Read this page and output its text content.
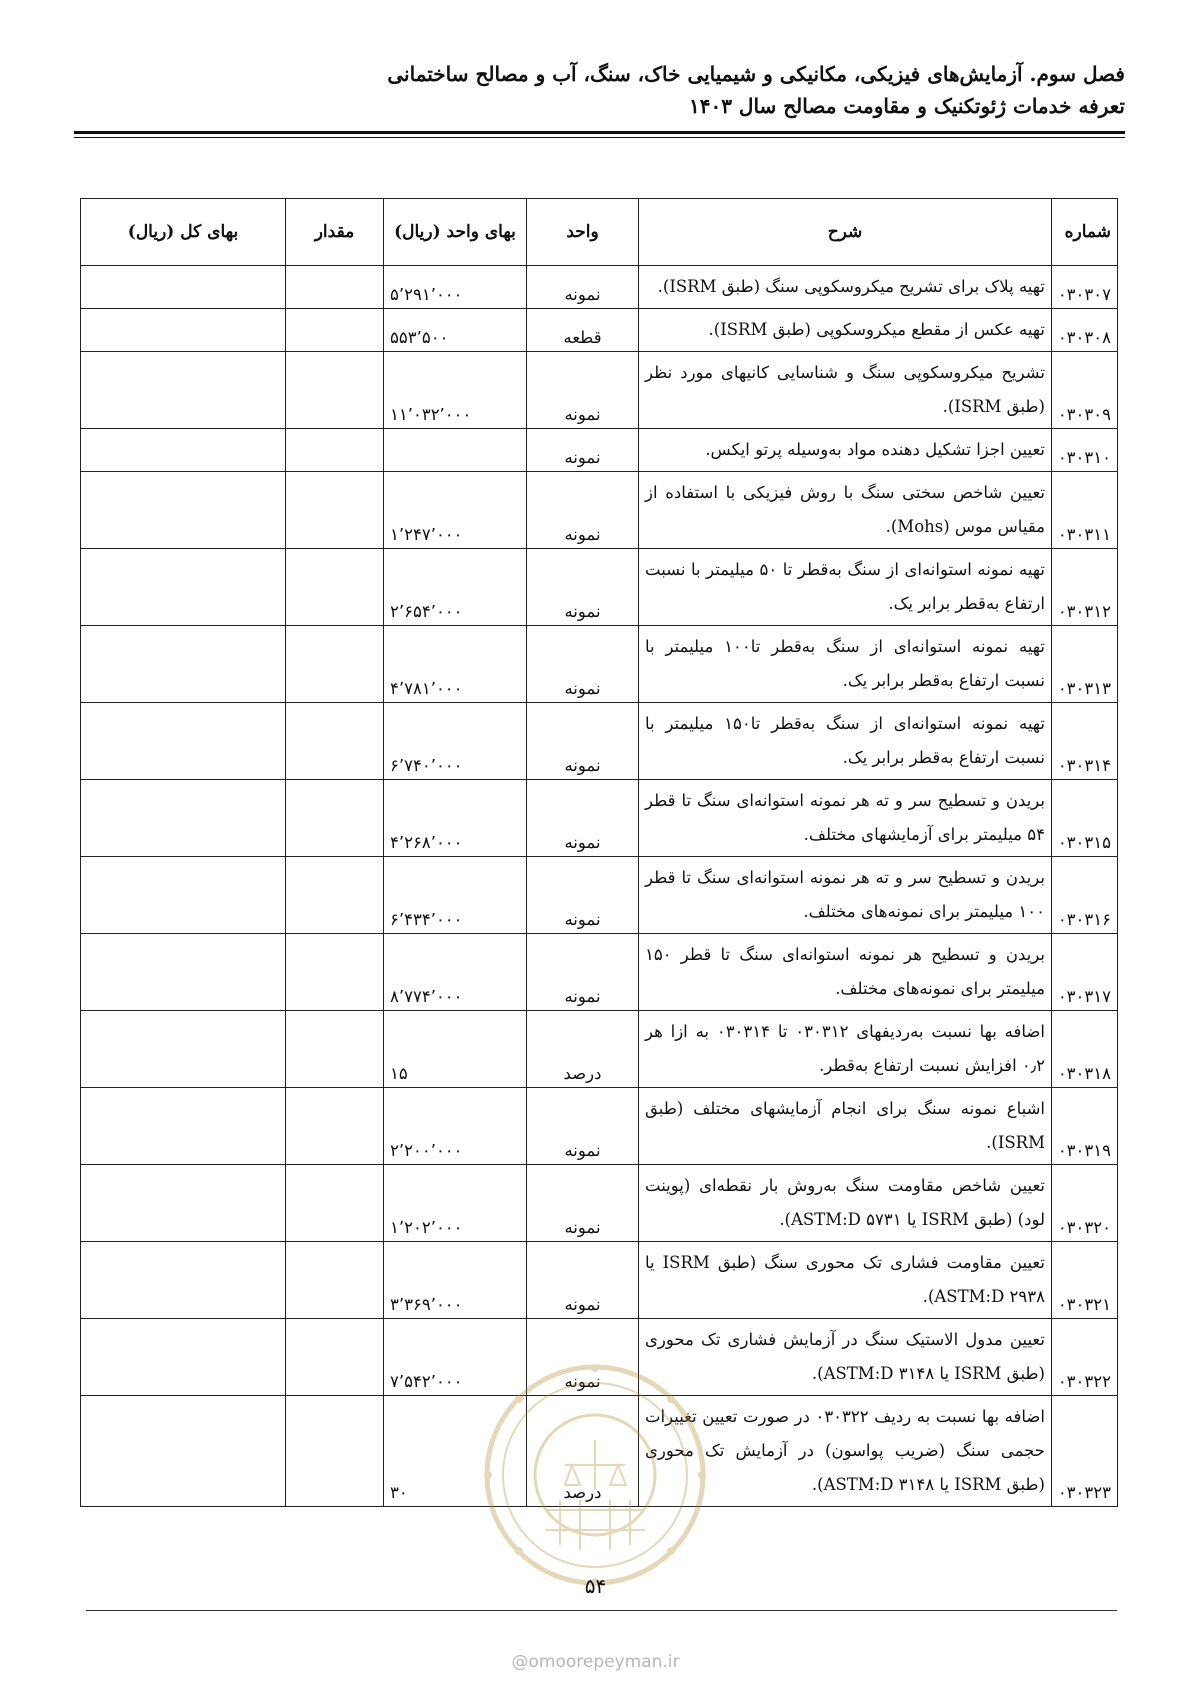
فصل سوم. آزمایش‌های فیزیکی، مکانیکی و شیمیایی خاک، سنگ، آب و مصالح ساختمانی
تعرفه خدمات ژئوتکنیک و مقاومت مصالح سال ۱۴۰۳
شماره	شرح	واحد	بهای واحد (ریال)	مقدار	بهای کل (ریال)
۰۳۰۳۰۷	تهیه پلاک برای تشریح میکروسکوپی سنگ (طبق ISRM).	نمونه	۵٬۲۹۱٬۰۰۰		
۰۳۰۳۰۸	تهیه عکس از مقطع میکروسکوپی (طبق ISRM).	قطعه	۵۵۳٬۵۰۰		
۰۳۰۳۰۹	تشریح میکروسکوپی سنگ و شناسایی کانیهای مورد نظر (طبق ISRM).	نمونه	۱۱٬۰۳۲٬۰۰۰		
۰۳۰۳۱۰	تعیین اجزا تشکیل دهنده مواد به‌وسیله پرتو ایکس.	نمونه			
۰۳۰۳۱۱	تعیین شاخص سختی سنگ با روش فیزیکی با استفاده از مقیاس موس (Mohs).	نمونه	۱٬۲۴۷٬۰۰۰		
۰۳۰۳۱۲	تهیه نمونه استوانه‌ای از سنگ به‌قطر تا ۵۰ میلیمتر با نسبت ارتفاع به‌قطر برابر یک.	نمونه	۲٬۶۵۴٬۰۰۰		
۰۳۰۳۱۳	تهیه نمونه استوانه‌ای از سنگ به‌قطر تا۱۰۰ میلیمتر با نسبت ارتفاع به‌قطر برابر یک.	نمونه	۴٬۷۸۱٬۰۰۰		
۰۳۰۳۱۴	تهیه نمونه استوانه‌ای از سنگ به‌قطر تا۱۵۰ میلیمتر با نسبت ارتفاع به‌قطر برابر یک.	نمونه	۶٬۷۴۰٬۰۰۰		
۰۳۰۳۱۵	بریدن و تسطیح سر و ته هر نمونه استوانه‌ای سنگ تا قطر ۵۴ میلیمتر برای آزمایشهای مختلف.	نمونه	۴٬۲۶۸٬۰۰۰		
۰۳۰۳۱۶	بریدن و تسطیح سر و ته هر نمونه استوانه‌ای سنگ تا قطر ۱۰۰ میلیمتر برای نمونه‌های مختلف.	نمونه	۶٬۴۳۴٬۰۰۰		
۰۳۰۳۱۷	بریدن و تسطیح هر نمونه استوانه‌ای سنگ تا قطر ۱۵۰ میلیمتر برای نمونه‌های مختلف.	نمونه	۸٬۷۷۴٬۰۰۰		
۰۳۰۳۱۸	اضافه بها نسبت به‌ردیفهای ۰۳۰۳۱۲ تا ۰۳۰۳۱۴ به ازا هر ۰٫۲ افزایش نسبت ارتفاع به‌قطر.	درصد	۱۵		
۰۳۰۳۱۹	اشباع نمونه سنگ برای انجام آزمایشهای مختلف (طبق ISRM).	نمونه	۲٬۲۰۰٬۰۰۰		
۰۳۰۳۲۰	تعیین شاخص مقاومت سنگ به‌روش بار نقطه‌ای (پوینت لود) (طبق ISRM یا ASTM:D ۵۷۳۱).	نمونه	۱٬۲۰۲٬۰۰۰		
۰۳۰۳۲۱	تعیین مقاومت فشاری تک محوری سنگ (طبق ISRM یا ASTM:D ۲۹۳۸).	نمونه	۳٬۳۶۹٬۰۰۰		
۰۳۰۳۲۲	تعیین مدول الاستیک سنگ در آزمایش فشاری تک محوری (طبق ISRM یا ASTM:D ۳۱۴۸).	نمونه	۷٬۵۴۲٬۰۰۰		
۰۳۰۳۲۳	اضافه بها نسبت به ردیف ۰۳۰۳۲۲ در صورت تعیین تغییرات حجمی سنگ (ضریب پواسون) در آزمایش تک محوری (طبق ISRM یا ASTM:D ۳۱۴۸).	درصد	۳۰		
۵۴
@omoorepeyman.ir
